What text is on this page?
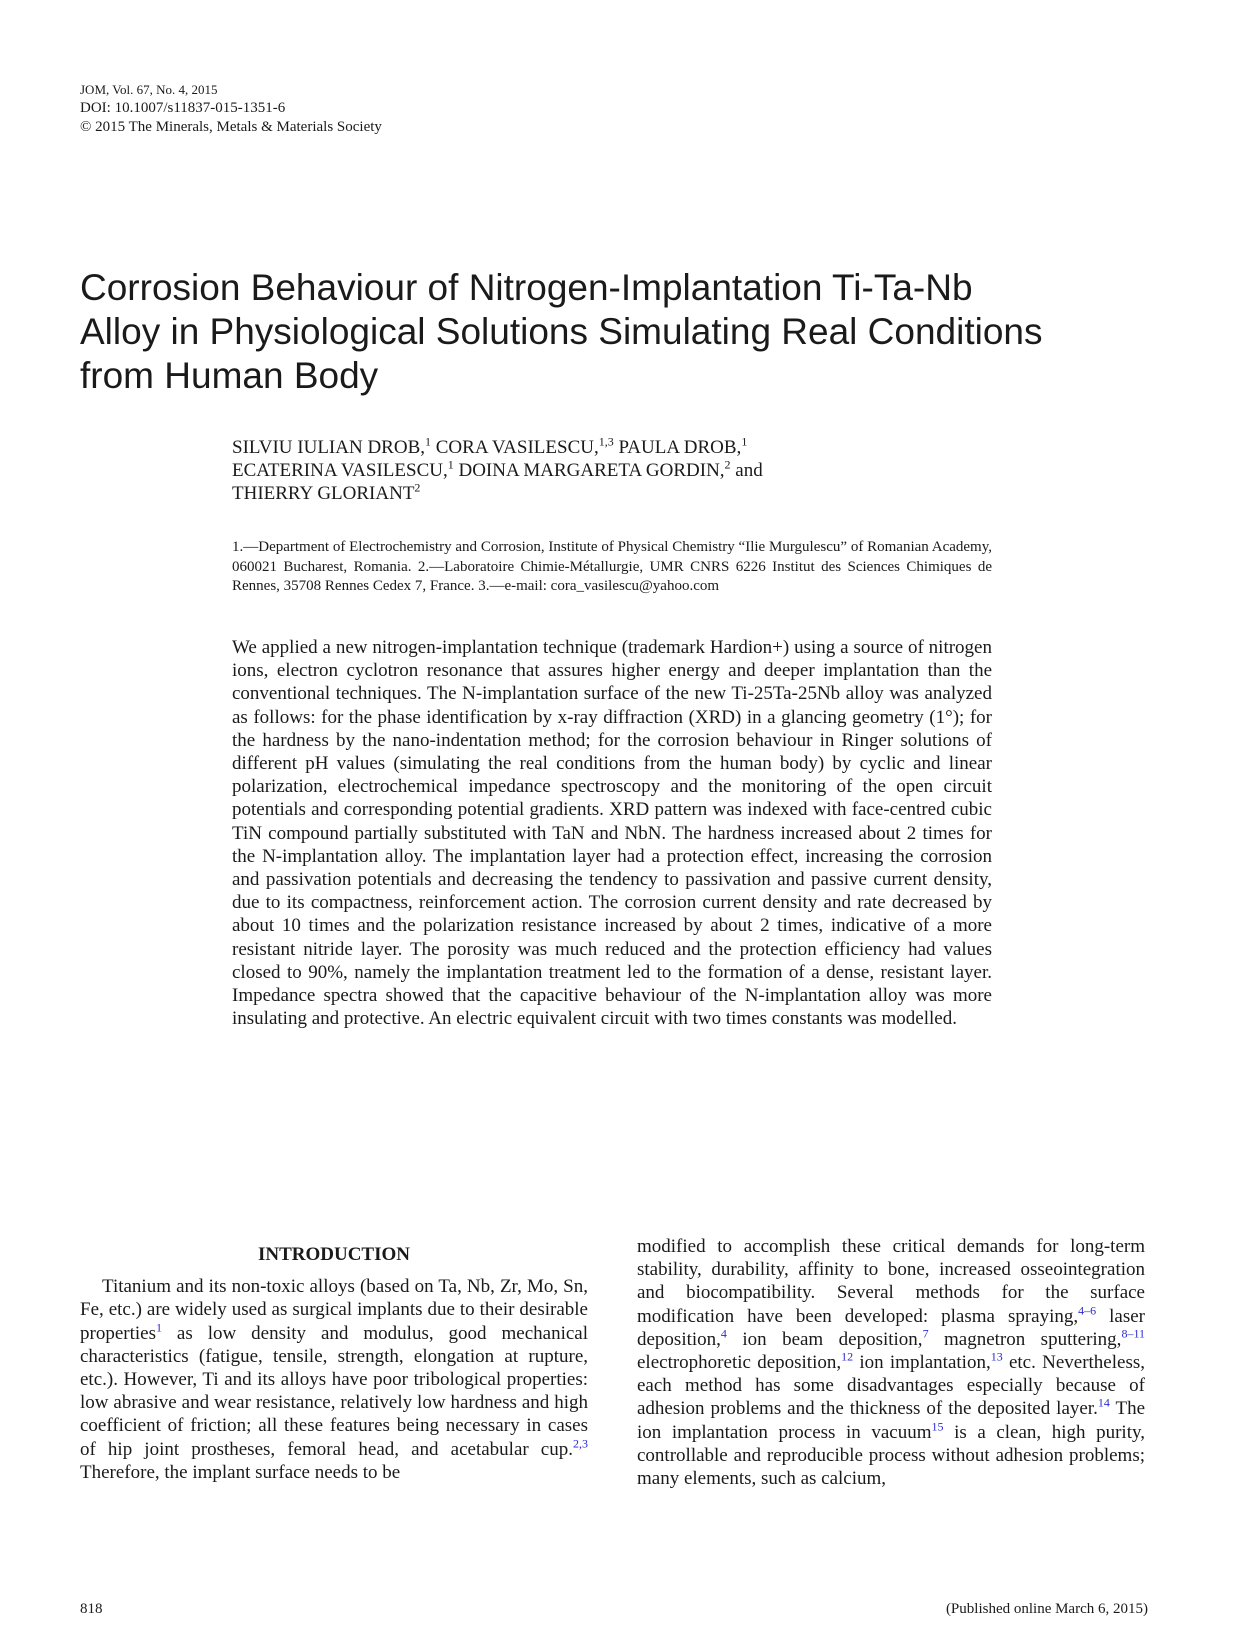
JOM, Vol. 67, No. 4, 2015
DOI: 10.1007/s11837-015-1351-6
© 2015 The Minerals, Metals & Materials Society
Corrosion Behaviour of Nitrogen-Implantation Ti-Ta-Nb
Alloy in Physiological Solutions Simulating Real Conditions
from Human Body
SILVIU IULIAN DROB,$^1$ CORA VASILESCU,$^{1,3}$ PAULA DROB,$^1$
ECATERINA VASILESCU,$^1$ DOINA MARGARETA GORDIN,$^2$ and
THIERRY GLORIANT$^2$
1.—Department of Electrochemistry and Corrosion, Institute of Physical Chemistry “Ilie Murgulescu” of Romanian Academy, 060021 Bucharest, Romania. 2.—Laboratoire Chimie-Métallurgie, UMR CNRS 6226 Institut des Sciences Chimiques de Rennes, 35708 Rennes Cedex 7, France. 3.—e-mail: cora_vasilescu@yahoo.com
We applied a new nitrogen-implantation technique (trademark Hardion+) using a source of nitrogen ions, electron cyclotron resonance that assures higher energy and deeper implantation than the conventional techniques. The N-implantation surface of the new Ti-25Ta-25Nb alloy was analyzed as follows: for the phase identification by x-ray diffraction (XRD) in a glancing geometry (1°); for the hardness by the nano-indentation method; for the corrosion behaviour in Ringer solutions of different pH values (simulating the real conditions from the human body) by cyclic and linear polarization, electrochemical impedance spectroscopy and the monitoring of the open circuit potentials and corresponding potential gradients. XRD pattern was indexed with face-centred cubic TiN compound partially substituted with TaN and NbN. The hardness increased about 2 times for the N-implantation alloy. The implantation layer had a protection effect, increasing the corrosion and passivation potentials and decreasing the tendency to passivation and passive current density, due to its compactness, reinforcement action. The corrosion current density and rate decreased by about 10 times and the polarization resistance increased by about 2 times, indicative of a more resistant nitride layer. The porosity was much reduced and the protection efficiency had values closed to 90%, namely the implantation treatment led to the formation of a dense, resistant layer. Impedance spectra showed that the capacitive behaviour of the N-implantation alloy was more insulating and protective. An electric equivalent circuit with two times constants was modelled.
INTRODUCTION

Titanium and its non-toxic alloys (based on Ta, Nb, Zr, Mo, Sn, Fe, etc.) are widely used as surgical implants due to their desirable properties$^1$ as low density and modulus, good mechanical characteristics (fatigue, tensile, strength, elongation at rupture, etc.). However, Ti and its alloys have poor tribological properties: low abrasive and wear resistance, relatively low hardness and high coefficient of friction; all these features being necessary in cases of hip joint prostheses, femoral head, and acetabular cup.$^{2,3}$ Therefore, the implant surface needs to be

modified to accomplish these critical demands for long-term stability, durability, affinity to bone, increased osseointegration and biocompatibility. Several methods for the surface modification have been developed: plasma spraying,$^{4-6}$ laser deposition,$^4$ ion beam deposition,$^7$ magnetron sputtering,$^{8-11}$ electrophoretic deposition,$^{12}$ ion implantation,$^{13}$ etc. Nevertheless, each method has some disadvantages especially because of adhesion problems and the thickness of the deposited layer.$^{14}$ The ion implantation process in vacuum$^{15}$ is a clean, high purity, controllable and reproducible process without adhesion problems; many elements, such as calcium,

818	(Published online March 6, 2015)
